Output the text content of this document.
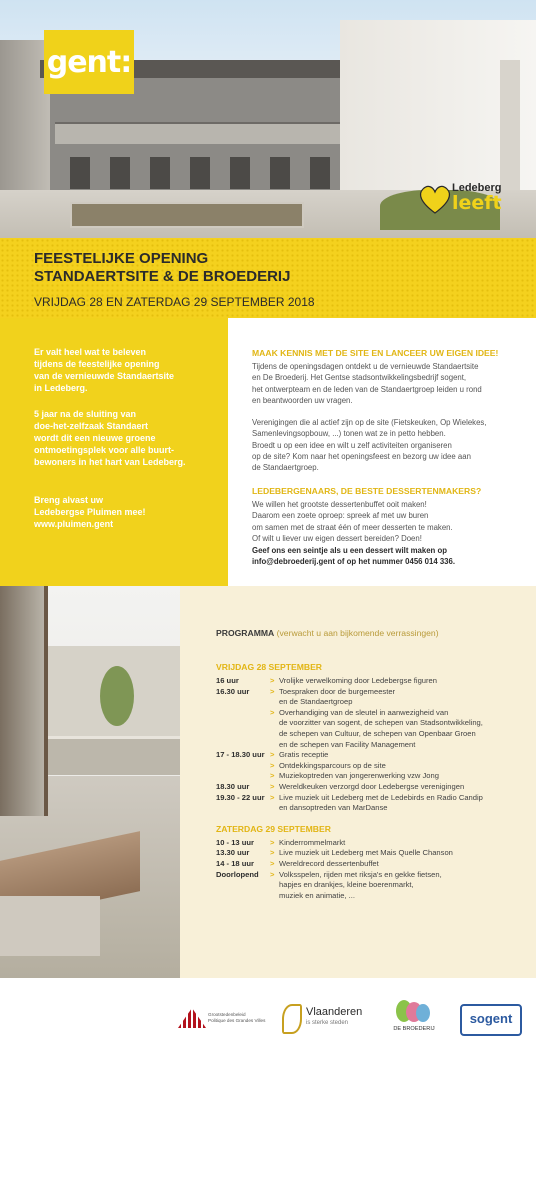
gent:
Ledeberg
leeft
FEESTELIJKE OPENING
STANDAERTSITE & DE BROEDERIJ
VRIJDAG 28 EN ZATERDAG 29 SEPTEMBER 2018
Er valt heel wat te beleven
tijdens de feestelijke opening
van de vernieuwde Standaertsite
in Ledeberg.
5 jaar na de sluiting van
doe-het-zelfzaak Standaert
wordt dit een nieuwe groene
ontmoetingsplek voor alle buurt-
bewoners in het hart van Ledeberg.
Breng alvast uw
Ledebergse Pluimen mee!
www.pluimen.gent
MAAK KENNIS MET DE SITE EN LANCEER UW EIGEN IDEE!
Tijdens de openingsdagen ontdekt u de vernieuwde Standaertsite
en De Broederij. Het Gentse stadsontwikkelingsbedrijf sogent,
het ontwerpteam en de leden van de Standaertgroep leiden u rond
en beantwoorden uw vragen.
Verenigingen die al actief zijn op de site (Fietskeuken, Op Wielekes,
Samenlevingsopbouw, ...) tonen wat ze in petto hebben.
Broedt u op een idee en wilt u zelf activiteiten organiseren
op de site? Kom naar het openingsfeest en bezorg uw idee aan
de Standaertgroep.
LEDEBERGENAARS, DE BESTE DESSERTENMAKERS?
We willen het grootste dessertenbuffet ooit maken!
Daarom een zoete oproep: spreek af met uw buren
om samen met de straat één of meer desserten te maken.
Of wilt u liever uw eigen dessert bereiden? Doen!
Geef ons een seintje als u een dessert wilt maken op
info@debroederij.gent of op het nummer 0456 014 336.
PROGRAMMA (verwacht u aan bijkomende verrassingen)
VRIJDAG 28 SEPTEMBER
16 uur	> Vrolijke verwelkoming door Ledebergse figuren
16.30 uur	> Toespraken door de burgemeester
en de Standaertgroep
> Overhandiging van de sleutel in aanwezigheid van
de voorzitter van sogent, de schepen van Stadsontwikkeling,
de schepen van Cultuur, de schepen van Openbaar Groen
en de schepen van Facility Management
17 - 18.30 uur > Gratis receptie
> Ontdekkingsparcours op de site
> Muziekoptreden van jongerenwerking vzw Jong
18.30 uur	> Wereldkeuken verzorgd door Ledebergse verenigingen
19.30 - 22 uur > Live muziek uit Ledeberg met de Ledebirds en Radio Candip
en dansoptreden van MarDanse
ZATERDAG 29 SEPTEMBER
10 - 13 uur	> Kinderrommelmarkt
13.30 uur	> Live muziek uit Ledeberg met Mais Quelle Chanson
14 - 18 uur	> Wereldrecord dessertenbuffet
Doorlopend	> Volksspelen, rijden met riksja's en gekke fietsen,
hapjes en drankjes, kleine boerenmarkt,
muziek en animatie, ...
Grootstedenbeleid
Politique des Grandes Villes
Vlaanderen
is sterke steden
DE BROEDERIJ
sogent
